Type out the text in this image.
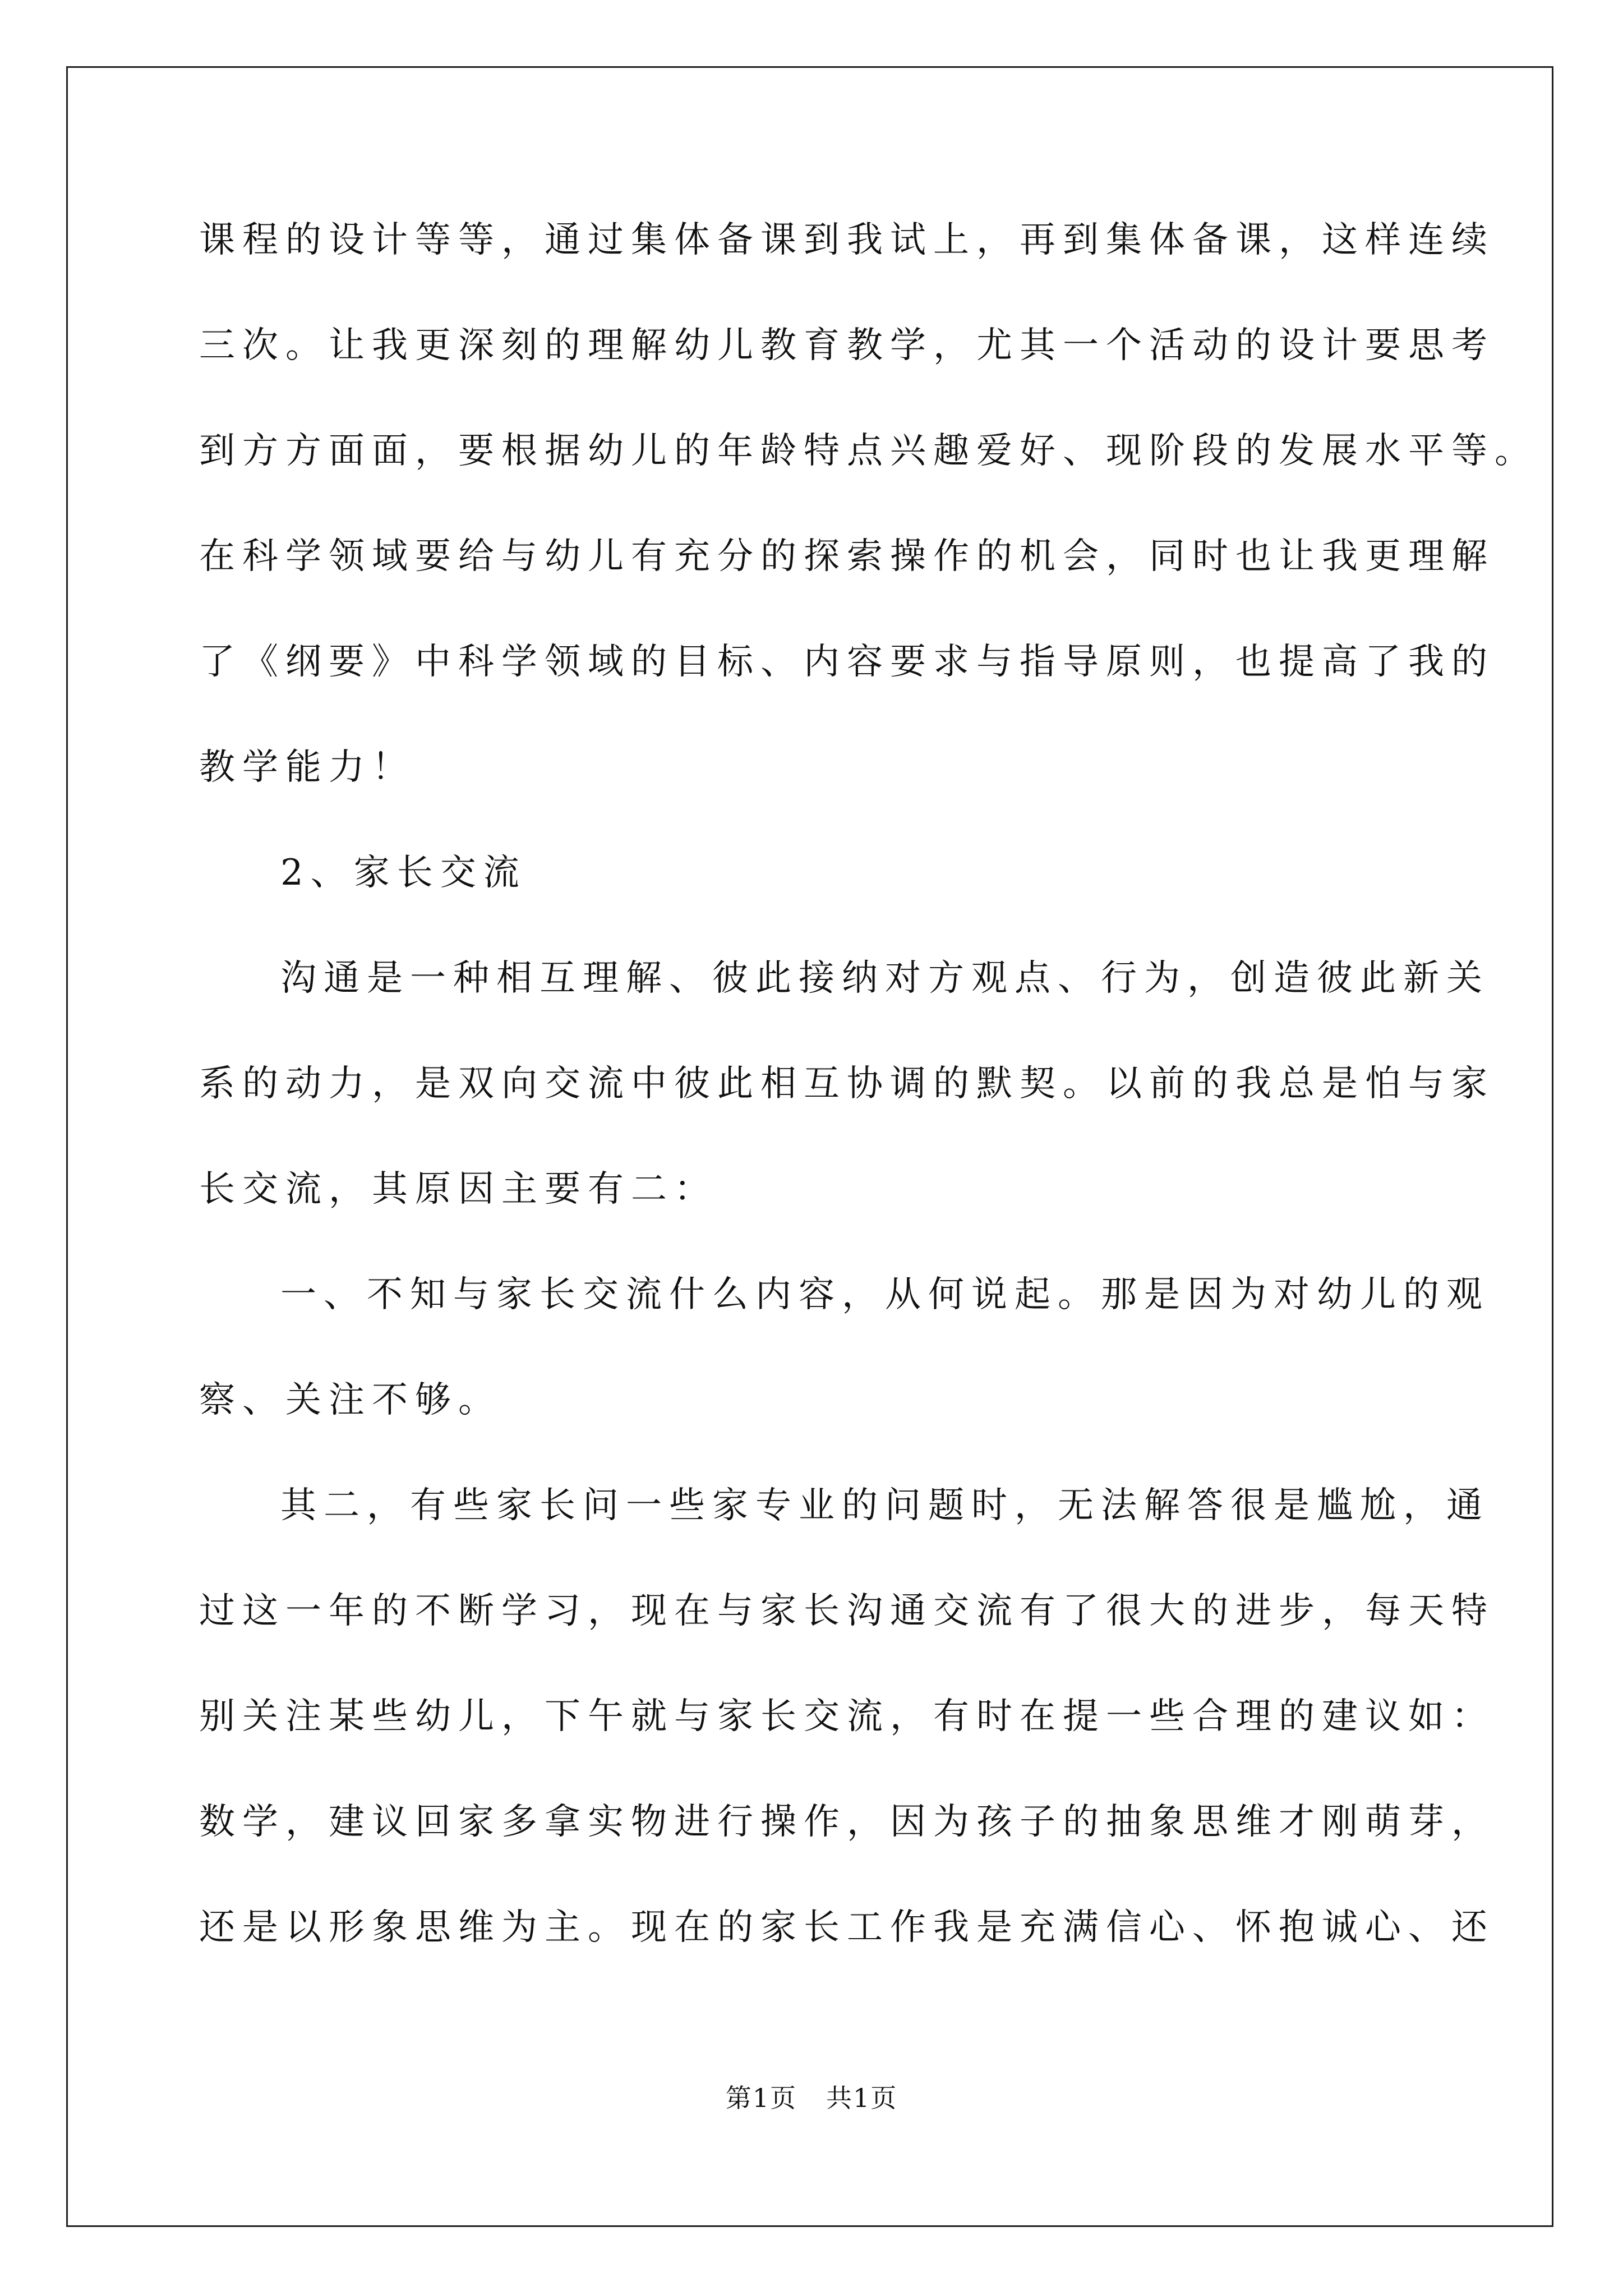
课程的设计等等，通过集体备课到我试上，再到集体备课，这样连续
三次。让我更深刻的理解幼儿教育教学，尤其一个活动的设计要思考
到方方面面，要根据幼儿的年龄特点兴趣爱好、现阶段的发展水平等。
在科学领域要给与幼儿有充分的探索操作的机会，同时也让我更理解
了《纲要》中科学领域的目标、内容要求与指导原则，也提高了我的
教学能力！
2、家长交流
沟通是一种相互理解、彼此接纳对方观点、行为，创造彼此新关
系的动力，是双向交流中彼此相互协调的默契。以前的我总是怕与家
长交流，其原因主要有二：
一、不知与家长交流什么内容，从何说起。那是因为对幼儿的观
察、关注不够。
其二，有些家长问一些家专业的问题时，无法解答很是尴尬，通
过这一年的不断学习，现在与家长沟通交流有了很大的进步，每天特
别关注某些幼儿，下午就与家长交流，有时在提一些合理的建议如：
数学，建议回家多拿实物进行操作，因为孩子的抽象思维才刚萌芽，
还是以形象思维为主。现在的家长工作我是充满信心、怀抱诚心、还
第1页 共1页
